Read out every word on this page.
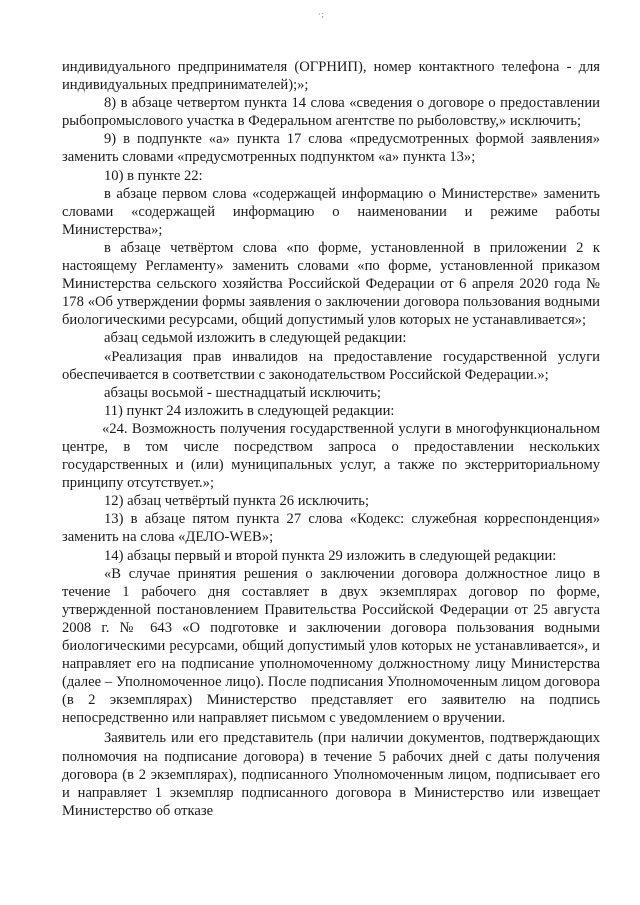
·;

индивидуального предпринимателя (ОГРНИП), номер контактного телефона - для индивидуальных предпринимателей);»;

8) в абзаце четвертом пункта 14 слова «сведения о договоре о предоставлении рыбопромыслового участка в Федеральном агентстве по рыболовству,» исключить;

9) в подпункте «а» пункта 17 слова «предусмотренных формой заявления» заменить словами «предусмотренных подпунктом «а» пункта 13»;

10) в пункте 22:

в абзаце первом слова «содержащей информацию о Министерстве» заменить словами «содержащей информацию о наименовании и режиме работы Министерства»;

в абзаце четвёртом слова «по форме, установленной в приложении 2 к настоящему Регламенту» заменить словами «по форме, установленной приказом Министерства сельского хозяйства Российской Федерации от 6 апреля 2020 года № 178 «Об утверждении формы заявления о заключении договора пользования водными биологическими ресурсами, общий допустимый улов которых не устанавливается»;

абзац седьмой изложить в следующей редакции:

«Реализация прав инвалидов на предоставление государственной услуги обеспечивается в соответствии с законодательством Российской Федерации.»;

абзацы восьмой - шестнадцатый исключить;

11) пункт 24 изложить в следующей редакции:

«24. Возможность получения государственной услуги в многофункциональном центре, в том числе посредством запроса о предоставлении нескольких государственных и (или) муниципальных услуг, а также по экстерриториальному принципу отсутствует.»;

12) абзац четвёртый пункта 26 исключить;

13) в абзаце пятом пункта 27 слова «Кодекс: служебная корреспонденция» заменить на слова «ДЕЛО-WEB»;

14) абзацы первый и второй пункта 29 изложить в следующей редакции:

«В случае принятия решения о заключении договора должностное лицо в течение 1 рабочего дня составляет в двух экземплярах договор по форме, утвержденной постановлением Правительства Российской Федерации от 25 августа 2008 г. № 643 «О подготовке и заключении договора пользования водными биологическими ресурсами, общий допустимый улов которых не устанавливается», и направляет его на подписание уполномоченному должностному лицу Министерства (далее – Уполномоченное лицо). После подписания Уполномоченным лицом договора (в 2 экземплярах) Министерство представляет его заявителю на подпись непосредственно или направляет письмом с уведомлением о вручении.

Заявитель или его представитель (при наличии документов, подтверждающих полномочия на подписание договора) в течение 5 рабочих дней с даты получения договора (в 2 экземплярах), подписанного Уполномоченным лицом, подписывает его и направляет 1 экземпляр подписанного договора в Министерство или извещает Министерство об отказе
